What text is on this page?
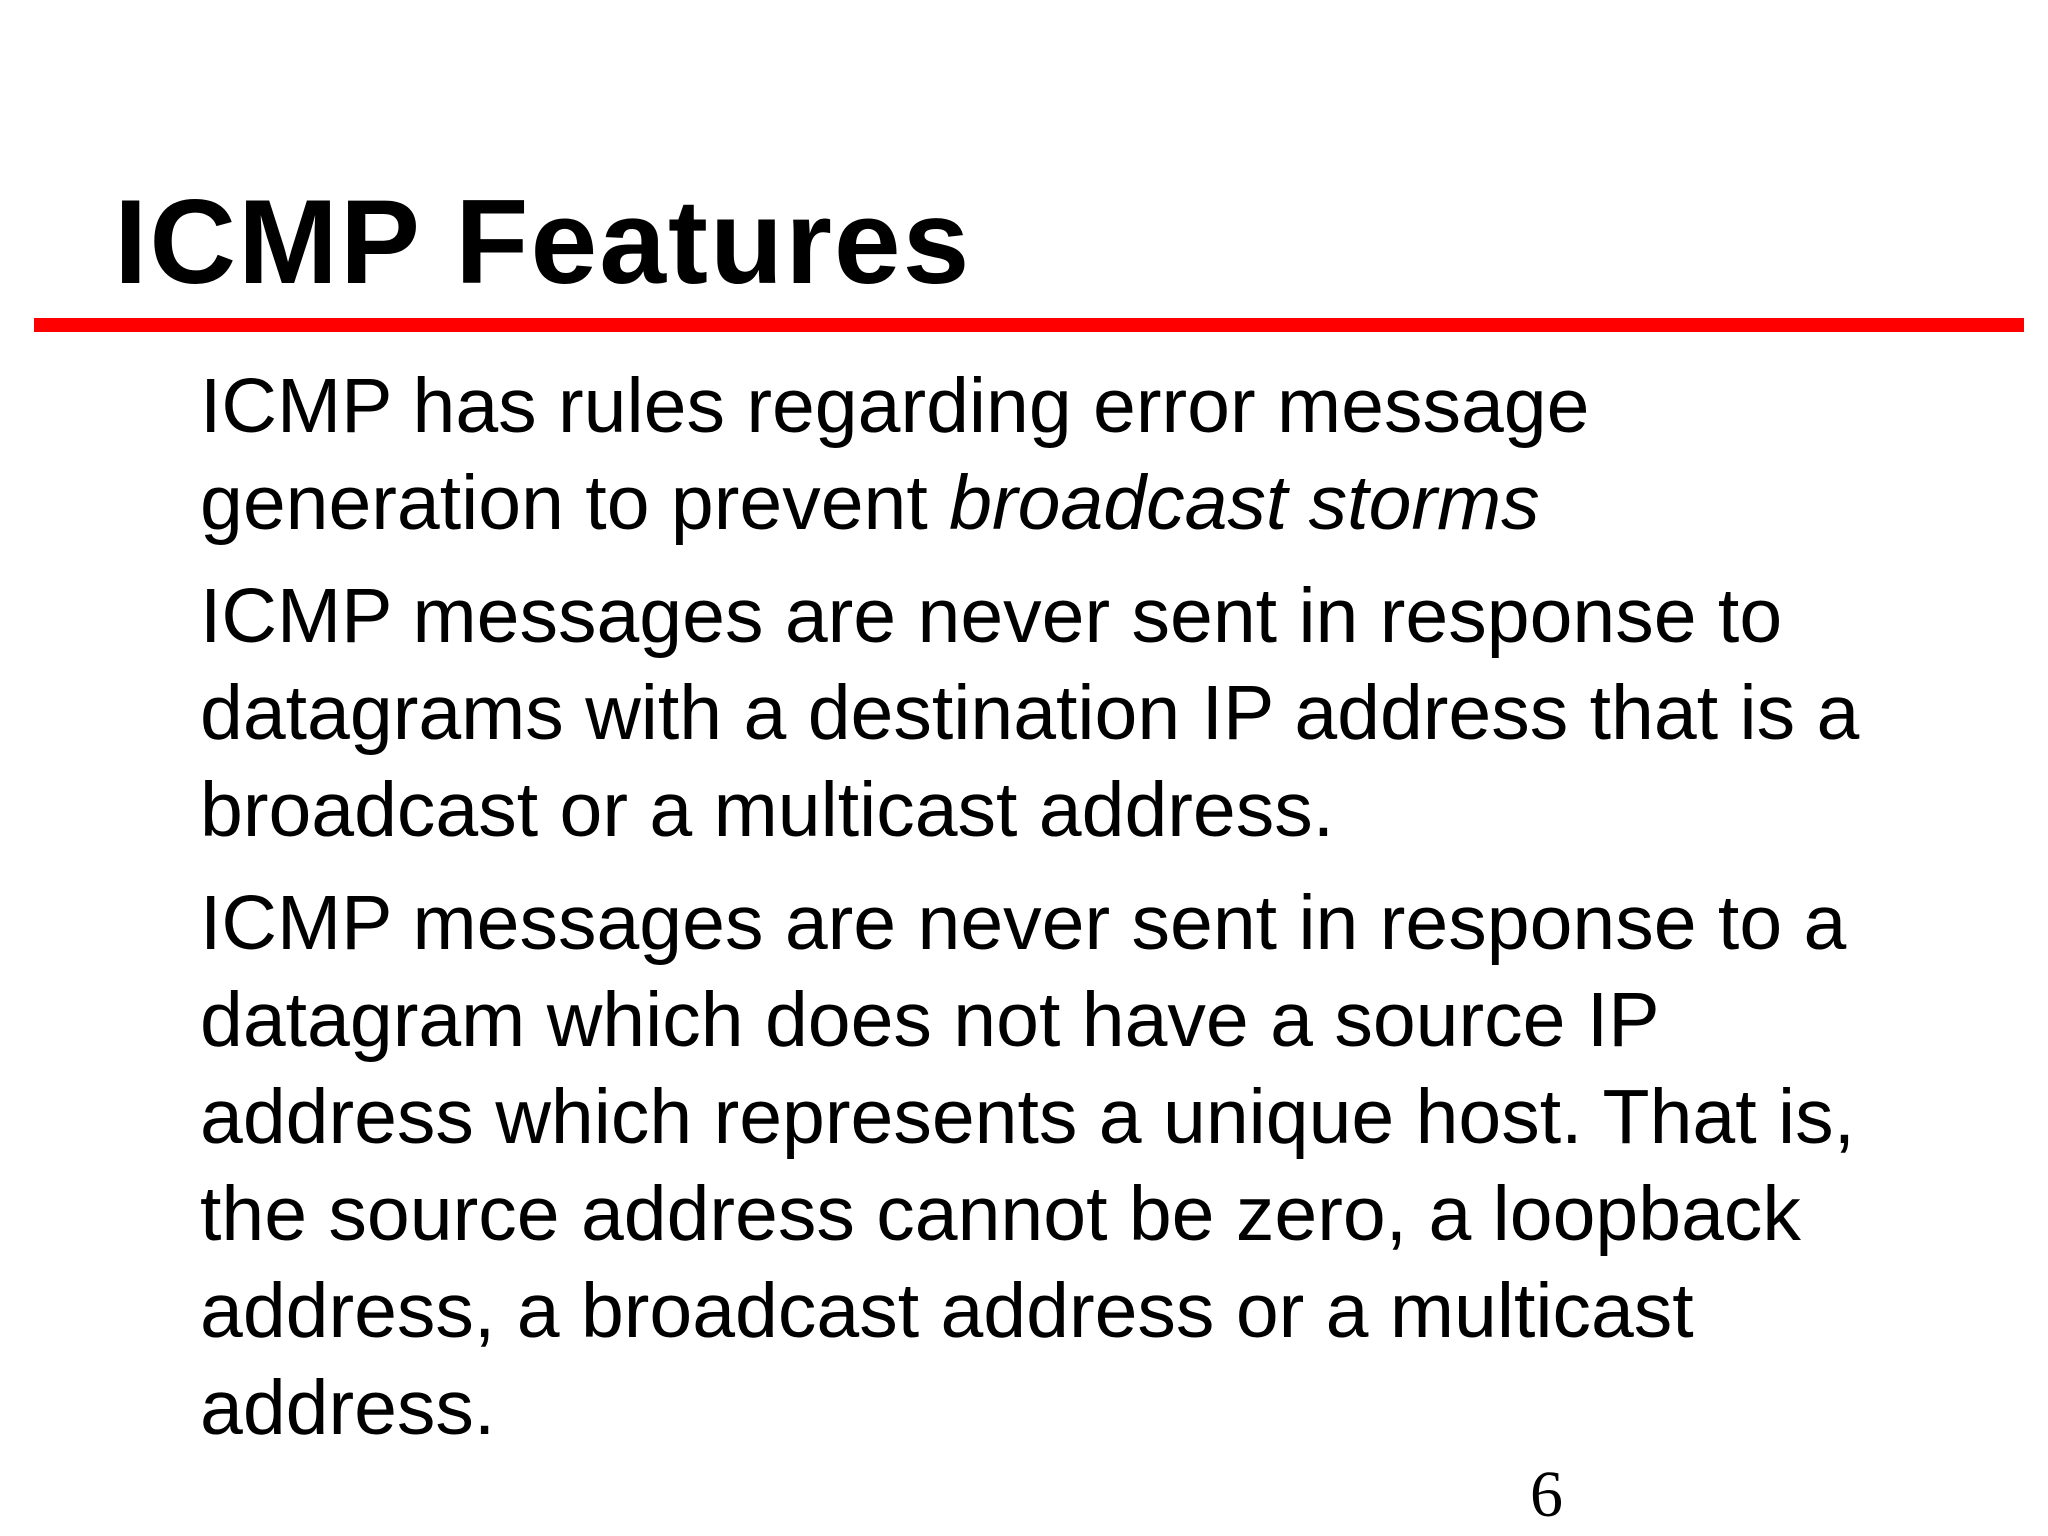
ICMP Features

ICMP has rules regarding error message
generation to prevent broadcast storms

ICMP messages are never sent in response to
datagrams with a destination IP address that is a
broadcast or a multicast address.

ICMP messages are never sent in response to a
datagram which does not have a source IP
address which represents a unique host. That is,
the source address cannot be zero, a loopback
address, a broadcast address or a multicast
address.

6
